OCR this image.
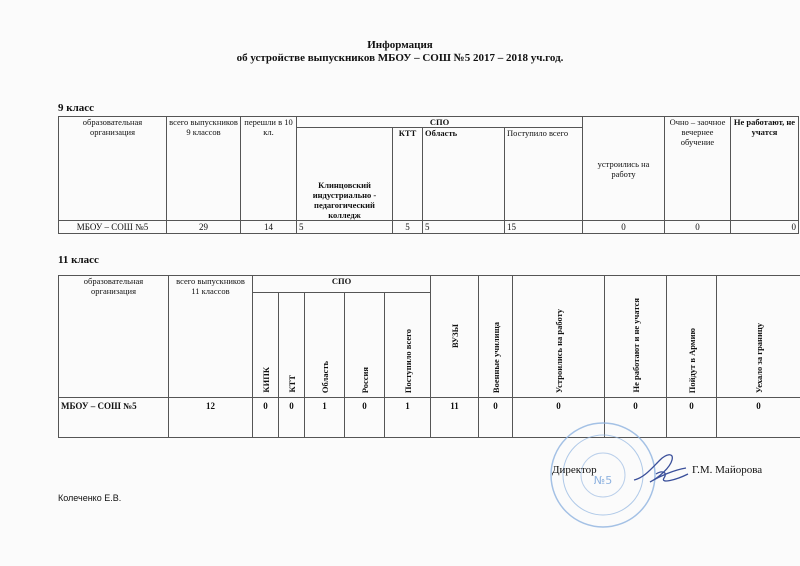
Информация
об устройстве выпускников МБОУ – СОШ №5 2017 – 2018 уч.год.
9 класс
образовательная организация	всего выпускников 9 классов	перешли в 10 кл.	СПО				устроились на работу	Очно – заочное вечернее обучение	Не работают, не учатся
			Клинцовский индустриально - педагогический колледж	КТТ	Область	Поступило всего			
МБОУ – СОШ №5	29	14	5	5	5	15	0	0	0
11 класс
образовательная организация	всего выпускников 11 классов	СПО					ВУЗЫ	Военные училища	Устроились на работу	Не работают и не учатся	Пойдут в Армию	Уехало за границу
		КИПК	КТТ	Область	Россия	Поступило всего						
МБОУ – СОШ №5	12	0	0	1	0	1	11	0	0	0	0	0
№5
Директор	Г.М. Майорова
Колеченко Е.В.
